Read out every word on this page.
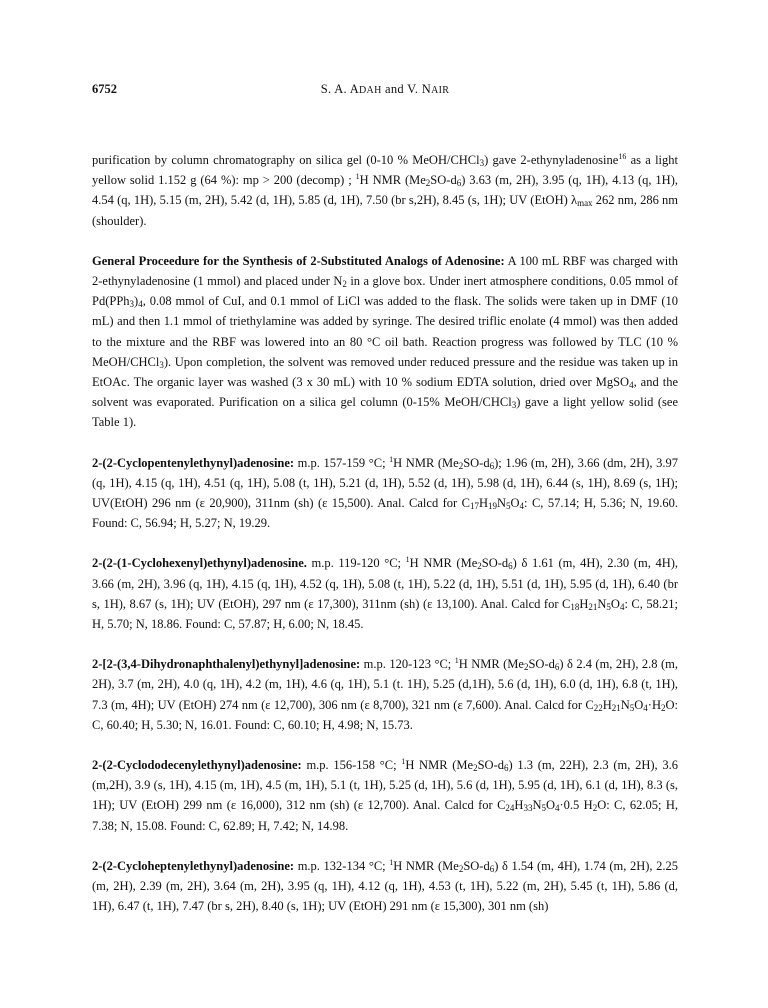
6752	S. A. ADAH and V. NAIR

purification by column chromatography on silica gel (0-10 % MeOH/CHCl$_3$) gave 2-ethynyladenosine$^{16}$ as a light yellow solid 1.152 g (64 %): mp > 200 (decomp) ; $^1$H NMR $(Me_2SO-d_6)$ 3.63 (m, 2H), 3.95 (q, 1H), 4.13 (q, 1H), 4.54 (q, 1H), 5.15 (m, 2H), 5.42 (d, 1H), 5.85 (d, 1H), 7.50 (br s,2H), 8.45 (s, 1H); UV (EtOH) $\lambda_{max}$ 262 nm, 286 nm (shoulder).

General Proceedure for the Synthesis of 2-Substituted Analogs of Adenosine: A 100 mL RBF was charged with 2-ethynyladenosine (1 mmol) and placed under $N_2$ in a glove box. Under inert atmosphere conditions, 0.05 mmol of $Pd(PPh_3)_4$, 0.08 mmol of CuI, and 0.1 mmol of LiCl was added to the flask. The solids were taken up in DMF (10 mL) and then 1.1 mmol of triethylamine was added by syringe. The desired triflic enolate (4 mmol) was then added to the mixture and the RBF was lowered into an 80 °C oil bath. Reaction progress was followed by TLC (10 % MeOH/CHCl$_3$). Upon completion, the solvent was removed under reduced pressure and the residue was taken up in EtOAc. The organic layer was washed (3 x 30 mL) with 10 % sodium EDTA solution, dried over MgSO$_4$, and the solvent was evaporated. Purification on a silica gel column (0-15% MeOH/CHCl$_3$) gave a light yellow solid (see Table 1).

2-(2-Cyclopentenylethynyl)adenosine: m.p. 157-159 °C; $^1$H NMR $(Me_2SO-d_6)$; 1.96 (m, 2H), 3.66 (dm, 2H), 3.97 (q, 1H), 4.15 (q, 1H), 4.51 (q, 1H), 5.08 (t, 1H), 5.21 (d, 1H), 5.52 (d, 1H), 5.98 (d, 1H), 6.44 (s, 1H), 8.69 (s, 1H); UV(EtOH) 296 nm (ε 20,900), 311nm (sh) (ε 15,500). Anal. Calcd for $C_{17}H_{19}N_5O_4$: C, 57.14; H, 5.36; N, 19.60. Found: C, 56.94; H, 5.27; N, 19.29.

2-(2-(1-Cyclohexenyl)ethynyl)adenosine. m.p. 119-120 °C; $^1$H NMR $(Me_2SO-d_6)$ δ 1.61 (m, 4H), 2.30 (m, 4H), 3.66 (m, 2H), 3.96 (q, 1H), 4.15 (q, 1H), 4.52 (q, 1H), 5.08 (t, 1H), 5.22 (d, 1H), 5.51 (d, 1H), 5.95 (d, 1H), 6.40 (br s, 1H), 8.67 (s, 1H); UV (EtOH), 297 nm (ε 17,300), 311nm (sh) (ε 13,100). Anal. Calcd for $C_{18}H_{21}N_5O_4$: C, 58.21; H, 5.70; N, 18.86. Found: C, 57.87; H, 6.00; N, 18.45.

2-[2-(3,4-Dihydronaphthalenyl)ethynyl]adenosine: m.p. 120-123 °C; $^1$H NMR $(Me_2SO-d_6)$ δ 2.4 (m, 2H), 2.8 (m, 2H), 3.7 (m, 2H), 4.0 (q, 1H), 4.2 (m, 1H), 4.6 (q, 1H), 5.1 (t. 1H), 5.25 (d,1H), 5.6 (d, 1H), 6.0 (d, 1H), 6.8 (t, 1H), 7.3 (m, 4H); UV (EtOH) 274 nm (ε 12,700), 306 nm (ε 8,700), 321 nm (ε 7,600). Anal. Calcd for $C_{22}H_{21}N_5O_4\cdot H_2O$: C, 60.40; H, 5.30; N, 16.01. Found: C, 60.10; H, 4.98; N, 15.73.

2-(2-Cyclododecenylethynyl)adenosine: m.p. 156-158 °C; $^1$H NMR $(Me_2SO-d_6)$ 1.3 (m, 22H), 2.3 (m, 2H), 3.6 (m,2H), 3.9 (s, 1H), 4.15 (m, 1H), 4.5 (m, 1H), 5.1 (t, 1H), 5.25 (d, 1H), 5.6 (d, 1H), 5.95 (d, 1H), 6.1 (d, 1H), 8.3 (s, 1H); UV (EtOH) 299 nm (ε 16,000), 312 nm (sh) (ε 12,700). Anal. Calcd for $C_{24}H_{33}N_5O_4\cdot 0.5$ $H_2O$: C, 62.05; H, 7.38; N, 15.08. Found: C, 62.89; H, 7.42; N, 14.98.

2-(2-Cycloheptenylethynyl)adenosine: m.p. 132-134 °C; $^1$H NMR $(Me_2SO-d_6)$ δ 1.54 (m, 4H), 1.74 (m, 2H), 2.25 (m, 2H), 2.39 (m, 2H), 3.64 (m, 2H), 3.95 (q, 1H), 4.12 (q, 1H), 4.53 (t, 1H), 5.22 (m, 2H), 5.45 (t, 1H), 5.86 (d, 1H), 6.47 (t, 1H), 7.47 (br s, 2H), 8.40 (s, 1H); UV (EtOH) 291 nm (ε 15,300), 301 nm (sh)
